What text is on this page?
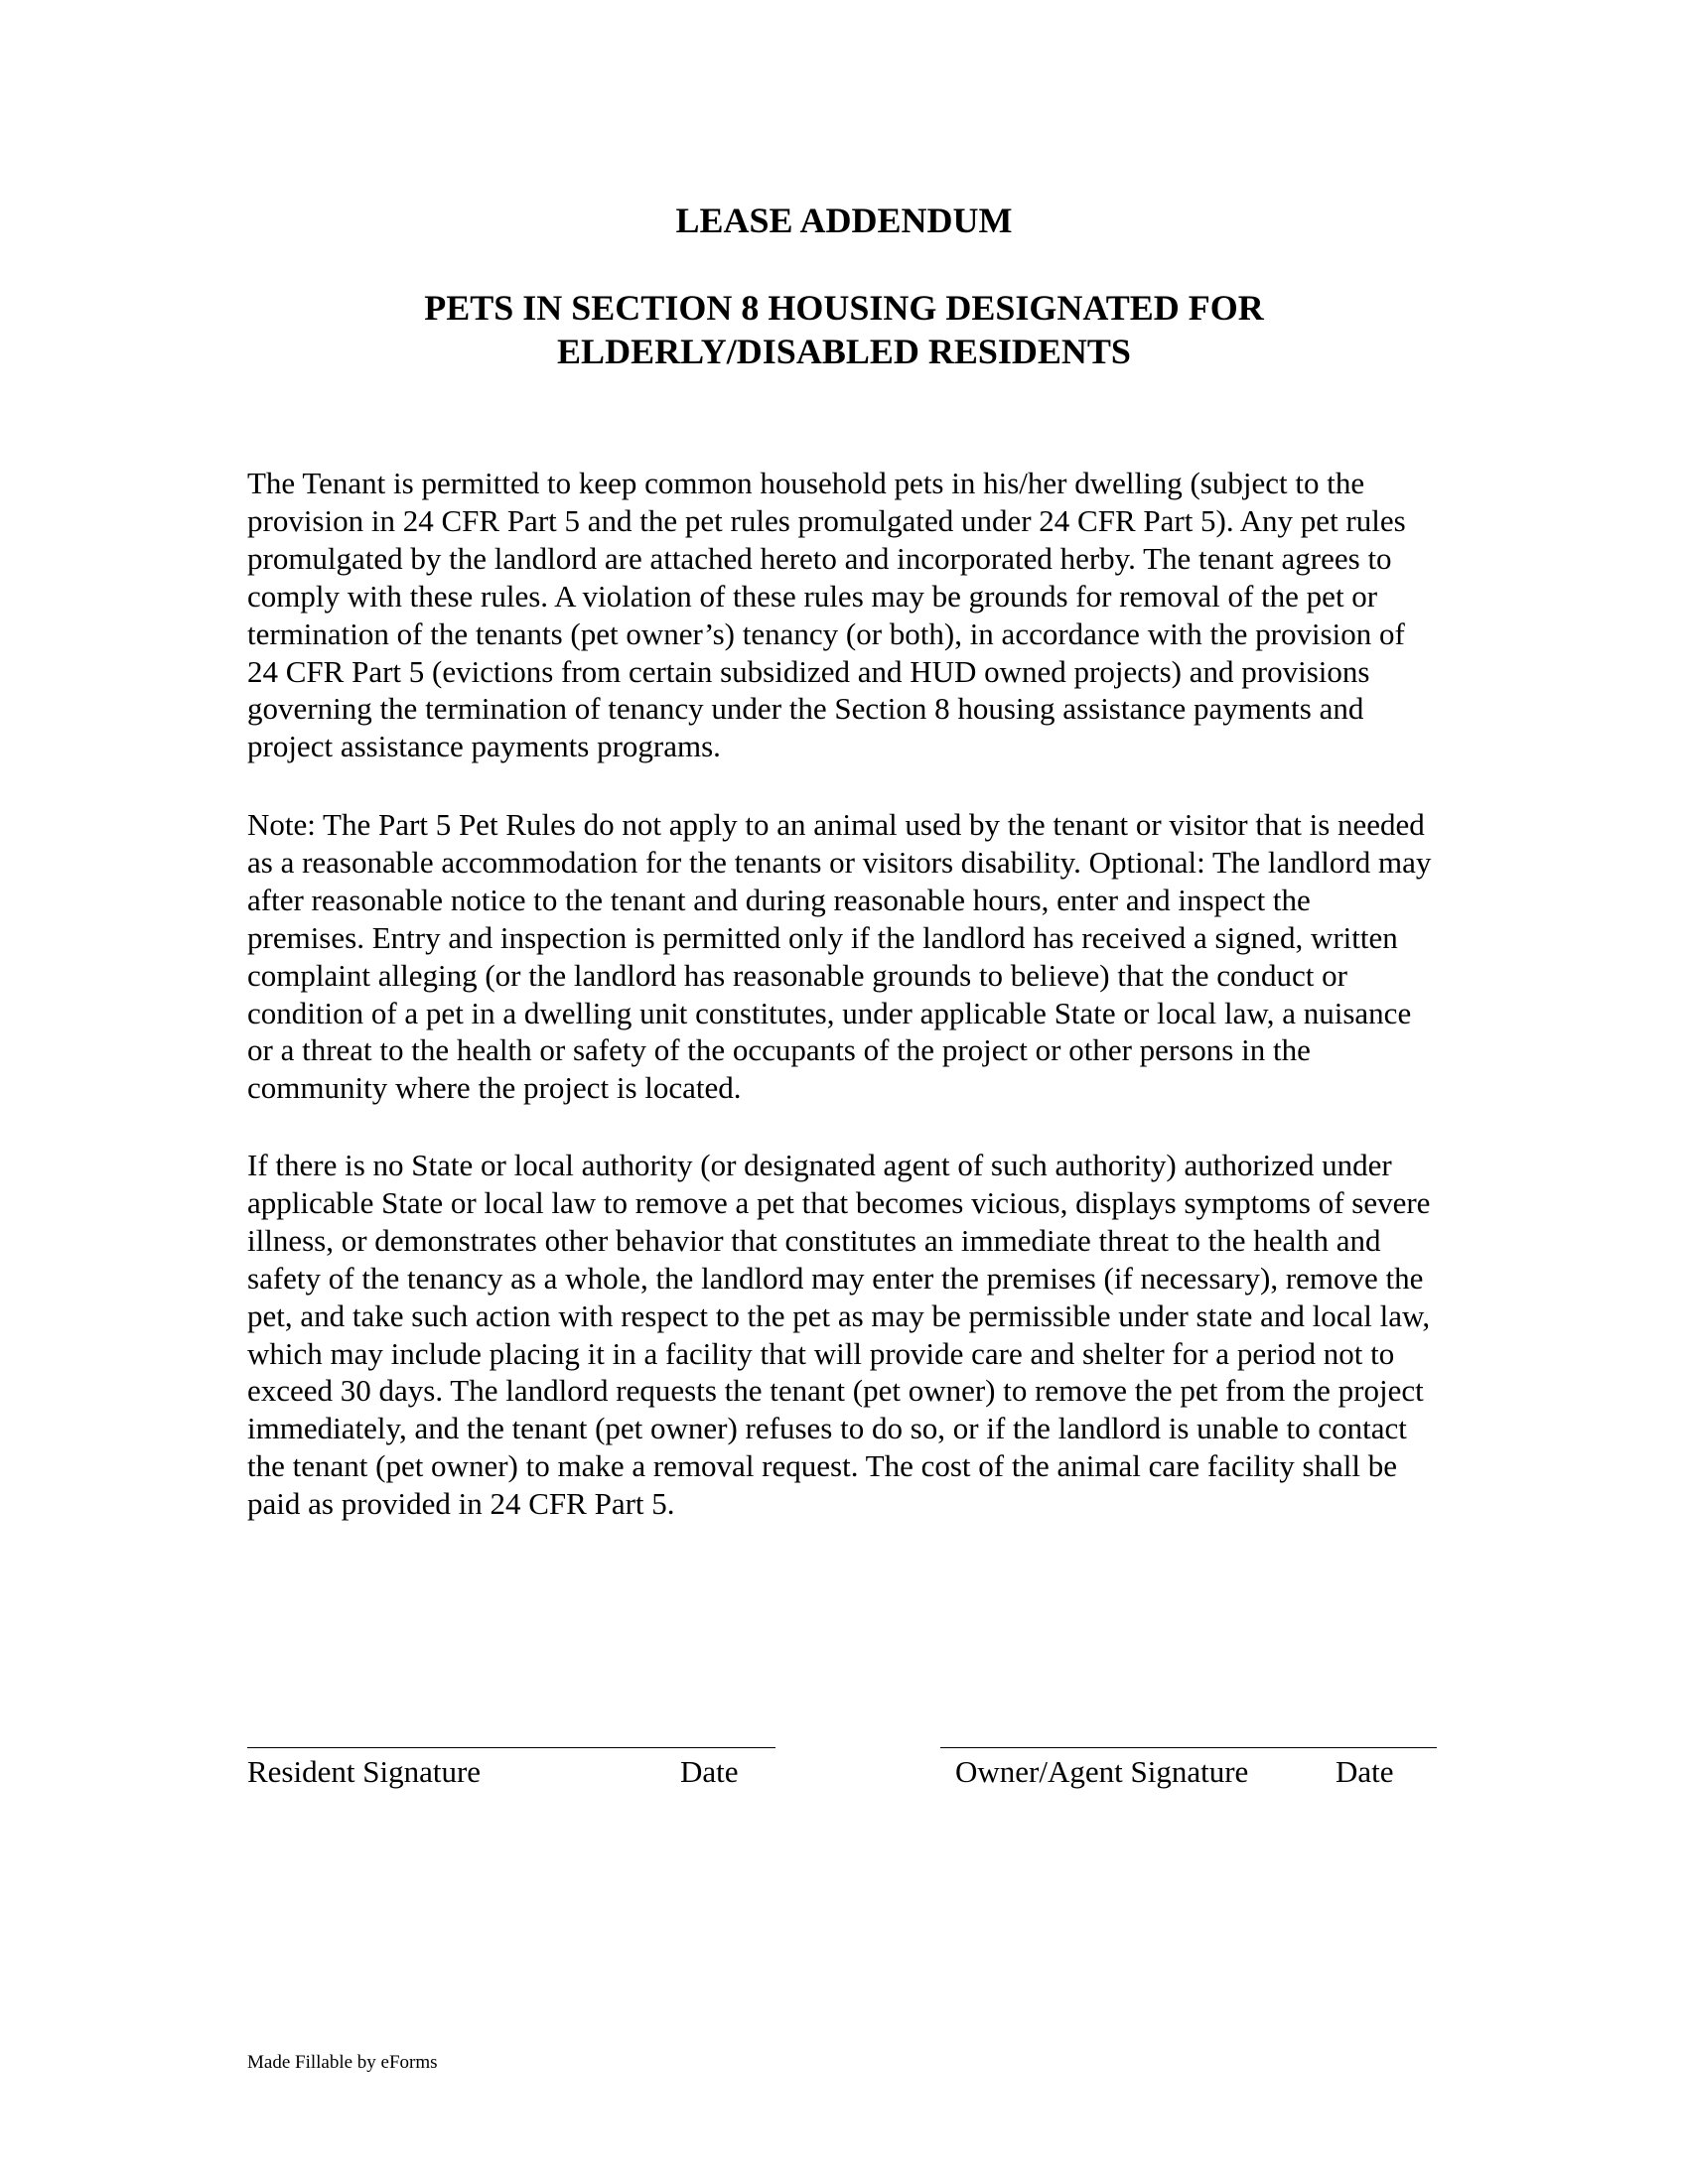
LEASE ADDENDUM
PETS IN SECTION 8 HOUSING DESIGNATED FOR
ELDERLY/DISABLED RESIDENTS

The Tenant is permitted to keep common household pets in his/her dwelling (subject to the provision in 24 CFR Part 5 and the pet rules promulgated under 24 CFR Part 5). Any pet rules promulgated by the landlord are attached hereto and incorporated herby. The tenant agrees to comply with these rules. A violation of these rules may be grounds for removal of the pet or termination of the tenants (pet owner’s) tenancy (or both), in accordance with the provision of 24 CFR Part 5 (evictions from certain subsidized and HUD owned projects) and provisions governing the termination of tenancy under the Section 8 housing assistance payments and project assistance payments programs.

Note: The Part 5 Pet Rules do not apply to an animal used by the tenant or visitor that is needed as a reasonable accommodation for the tenants or visitors disability. Optional: The landlord may after reasonable notice to the tenant and during reasonable hours, enter and inspect the premises. Entry and inspection is permitted only if the landlord has received a signed, written complaint alleging (or the landlord has reasonable grounds to believe) that the conduct or condition of a pet in a dwelling unit constitutes, under applicable State or local law, a nuisance or a threat to the health or safety of the occupants of the project or other persons in the community where the project is located.

If there is no State or local authority (or designated agent of such authority) authorized under applicable State or local law to remove a pet that becomes vicious, displays symptoms of severe illness, or demonstrates other behavior that constitutes an immediate threat to the health and safety of the tenancy as a whole, the landlord may enter the premises (if necessary), remove the pet, and take such action with respect to the pet as may be permissible under state and local law, which may include placing it in a facility that will provide care and shelter for a period not to exceed 30 days. The landlord requests the tenant (pet owner) to remove the pet from the project immediately, and the tenant (pet owner) refuses to do so, or if the landlord is unable to contact the tenant (pet owner) to make a removal request. The cost of the animal care facility shall be paid as provided in 24 CFR Part 5.

Resident Signature	Date	Owner/Agent Signature	Date
Made Fillable by eForms
